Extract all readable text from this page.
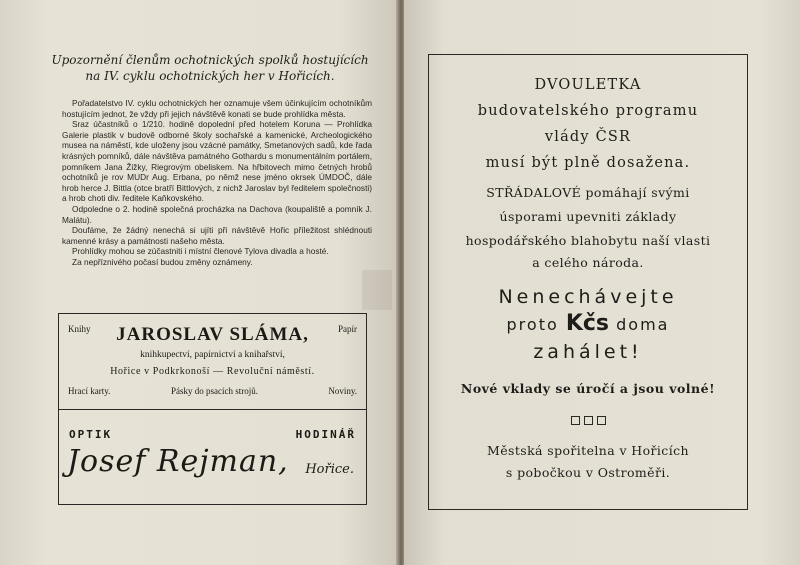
Upozornění členům ochotnických spolků hostujících
na IV. cyklu ochotnických her v Hořicích.

Pořadatelstvo IV. cyklu ochotnických her oznamuje všem účinkujícím ochotníkům hostujícím jednot, že vždy při jejich návštěvě konati se bude prohlídka města.

Sraz účastníků o 1/210. hodině dopolední před hotelem Koruna — Prohlídka Galerie plastik v budově odborné školy sochařské a kamenické, Archeologického musea na náměstí, kde uloženy jsou vzácné památky, Smetanových sadů, kde řada krásných pomníků, dále návštěva památného Gothardu s monumentálním portálem, pomníkem Jana Žižky, Riegrovým obeliskem. Na hřbitovech mimo četných hrobů ochotníků je rov MUDr Aug. Erbana, po němž nese jméno okrsek ÚMDOČ, dále hrob herce J. Bittla (otce bratří Bittlových, z nichž Jaroslav byl ředitelem společnosti) a hrob choti div. ředitele Kaňkovského.

Odpoledne o 2. hodině společná procházka na Dachova (koupaliště a pomník J. Malátu).

Doufáme, že žádný nenechá si ujíti při návštěvě Hořic příležitost shlédnouti kamenné krásy a památnosti našeho města.

Prohlídky mohou se zúčastniti i místní členové Tylova divadla a hosté.

Za nepříznivého počasí budou změny oznámeny.

Knihy	Papír
JAROSLAV SLÁMA,
knihkupectví, papírnictví a knihařství,
Hořice v Podkrkonoší — Revoluční náměstí.
Hrací karty.	Pásky do psacích strojů.	Noviny.
OPTIK	HODINÁŘ
Josef Rejman, Hořice.
DVOULETKA
budovatelského programu
vlády ČSR
musí být plně dosažena.
STŘÁDALOVÉ pomáhají svými
úsporami upevniti základy
hospodářského blahobytu naší vlasti
a celého národa.
Nenechávejte
proto Kčs doma
zahálet!
Nové vklady se úročí a jsou volné!
Městská spořitelna v Hořicích
s pobočkou v Ostroměři.
